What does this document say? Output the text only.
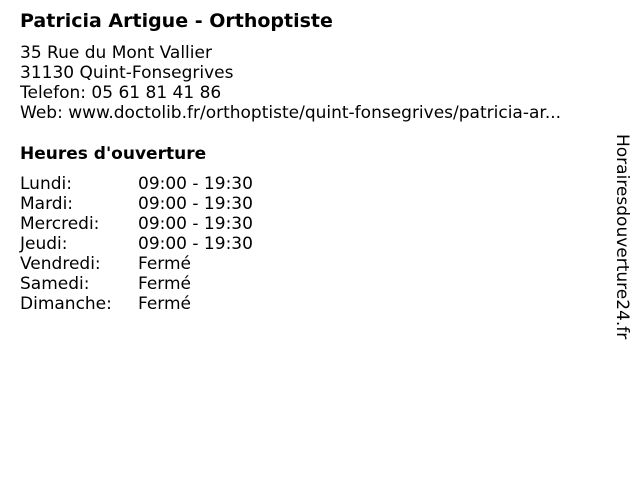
Patricia Artigue - Orthoptiste
35 Rue du Mont Vallier
31130 Quint-Fonsegrives
Telefon: 05 61 81 41 86
Web: www.doctolib.fr/orthoptiste/quint-fonsegrives/patricia-ar...
Heures d'ouverture
Lundi:	09:00 - 19:30
Mardi:	09:00 - 19:30
Mercredi:	09:00 - 19:30
Jeudi:	09:00 - 19:30
Vendredi:	Fermé
Samedi:	Fermé
Dimanche:	Fermé	Horairesdouverture24.fr
